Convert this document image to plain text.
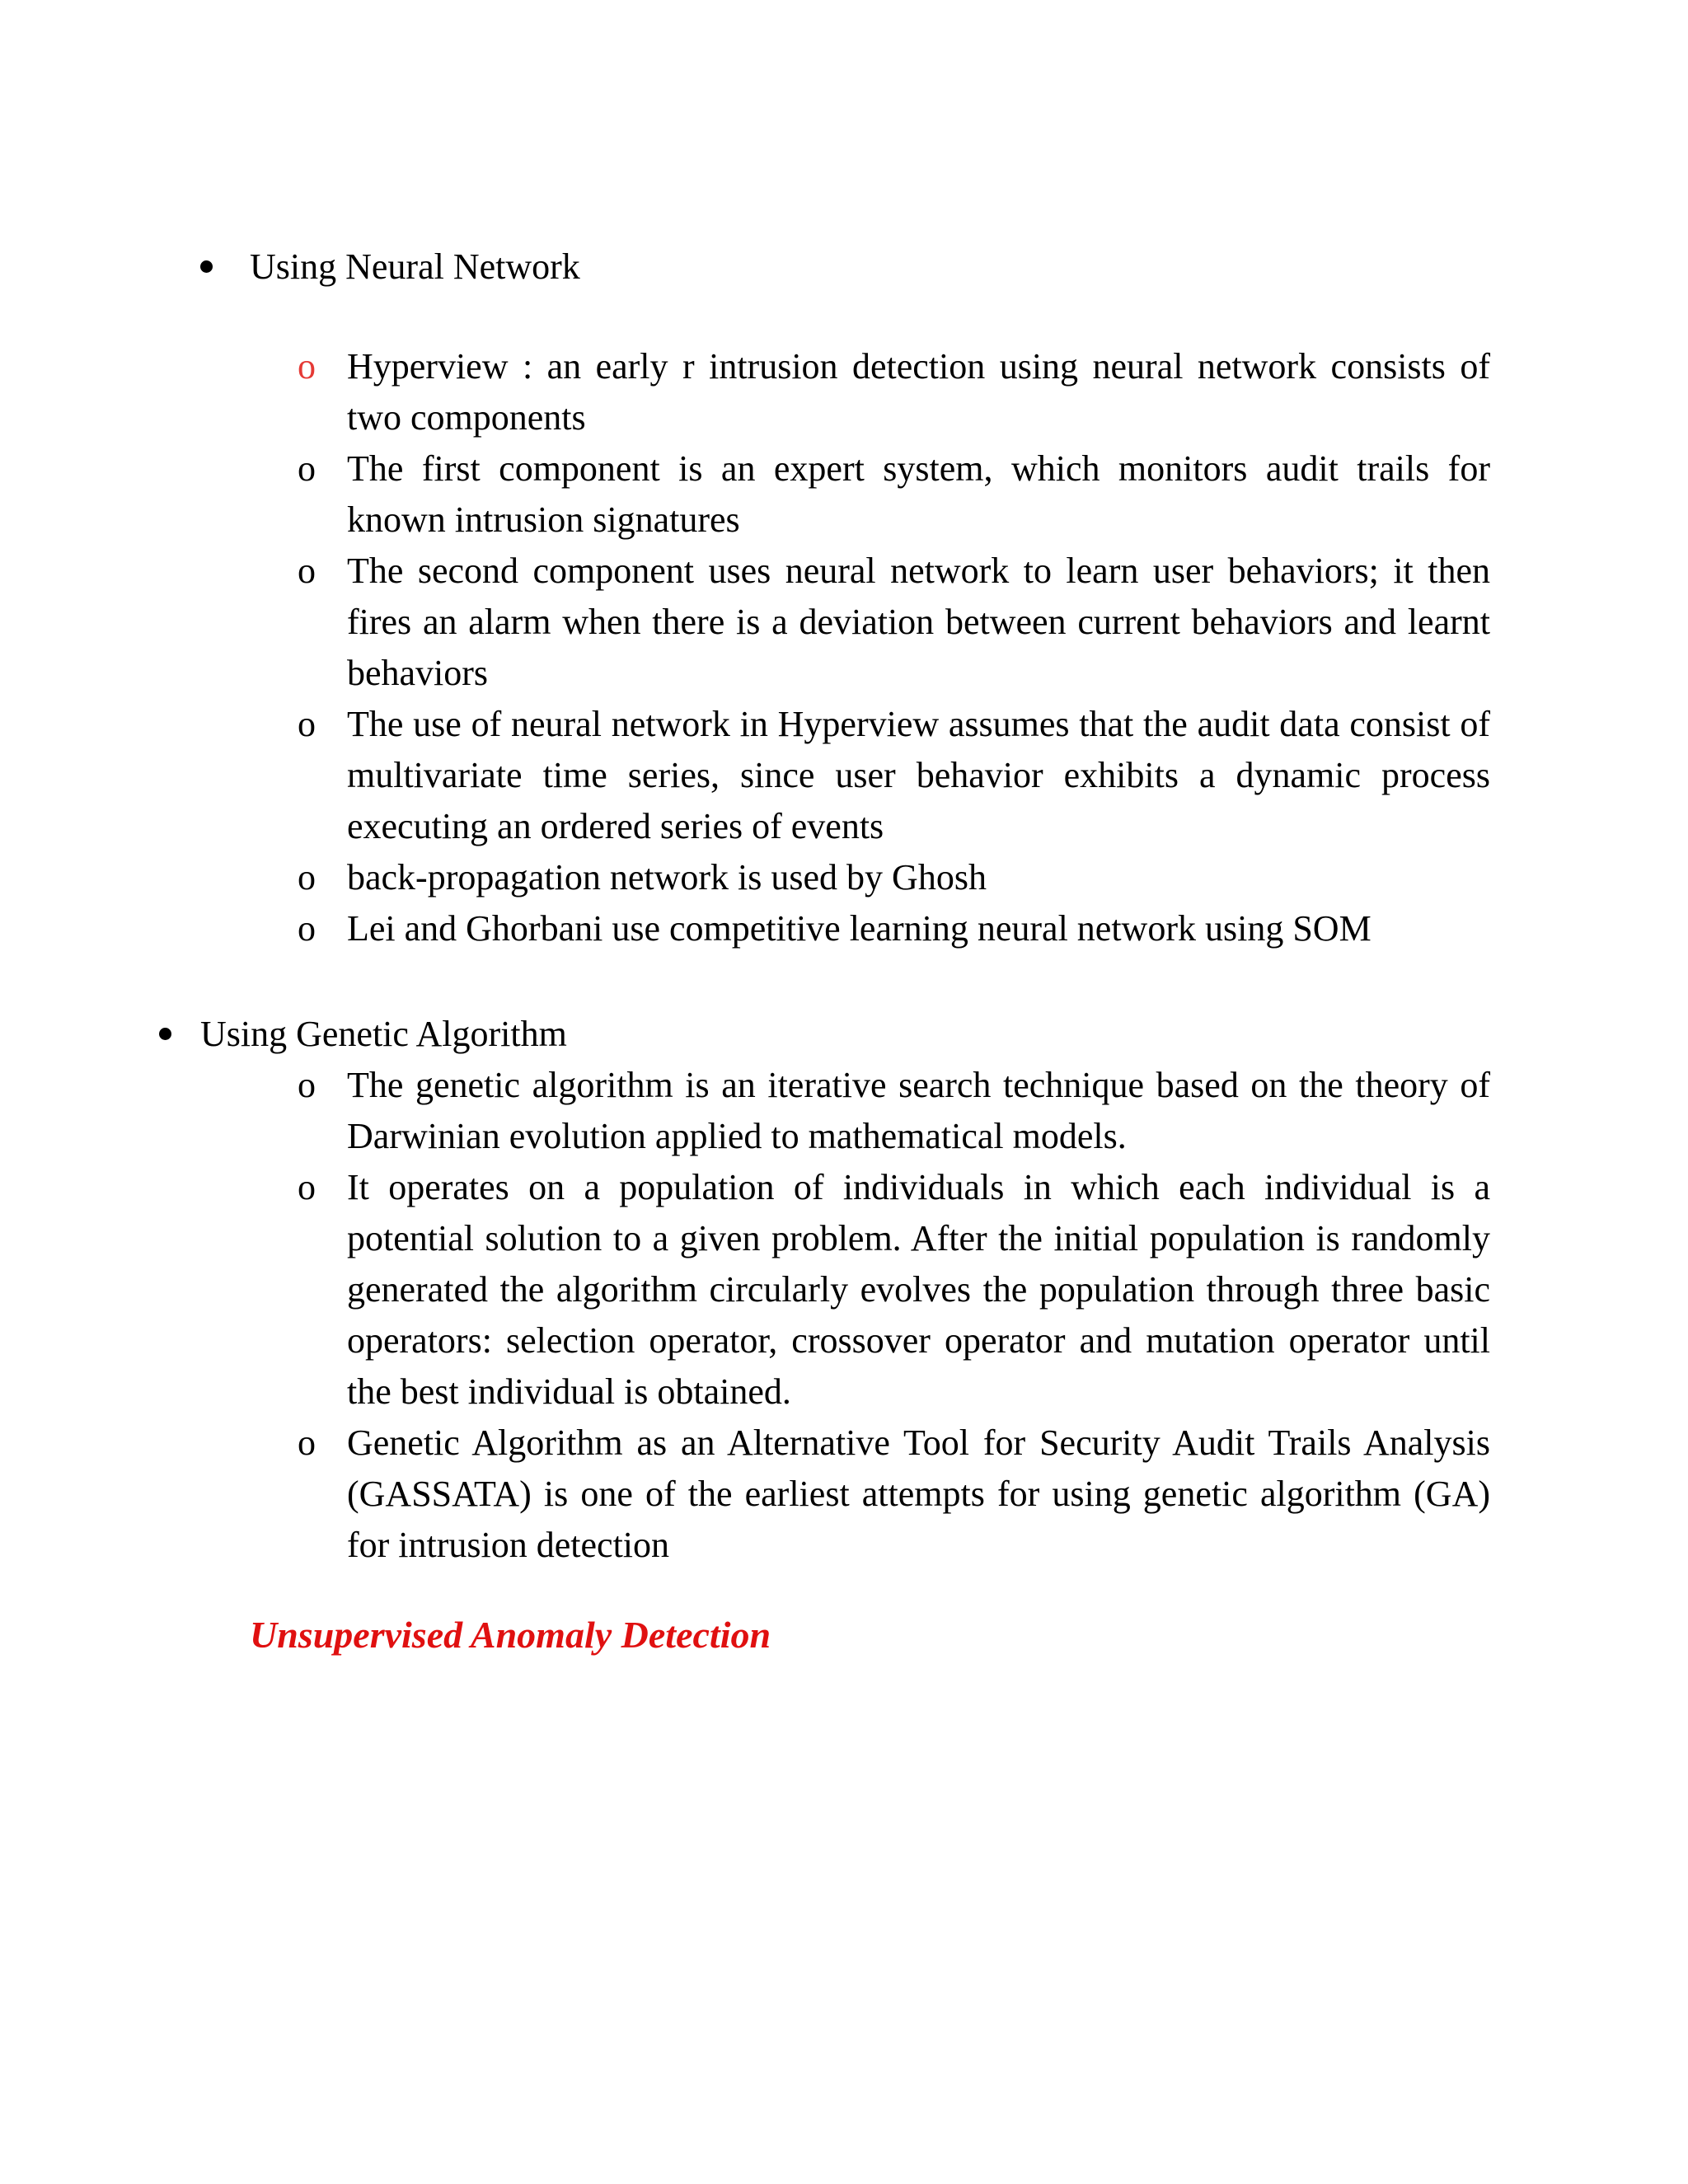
Using Neural Network
o Hyperview : an early r intrusion detection using neural network consists of two components
o The first component is an expert system, which monitors audit trails for known intrusion signatures
o The second component uses neural network to learn user behaviors; it then fires an alarm when there is a deviation between current behaviors and learnt behaviors
o The use of neural network in Hyperview assumes that the audit data consist of multivariate time series, since user behavior exhibits a dynamic process executing an ordered series of events
o back-propagation network is used by Ghosh
o Lei and Ghorbani use competitive learning neural network using SOM
Using Genetic Algorithm
o The genetic algorithm is an iterative search technique based on the theory of Darwinian evolution applied to mathematical models.
o It operates on a population of individuals in which each individual is a potential solution to a given problem. After the initial population is randomly generated the algorithm circularly evolves the population through three basic operators: selection operator, crossover operator and mutation operator until the best individual is obtained.
o Genetic Algorithm as an Alternative Tool for Security Audit Trails Analysis (GASSATA) is one of the earliest attempts for using genetic algorithm (GA) for intrusion detection
Unsupervised Anomaly Detection
